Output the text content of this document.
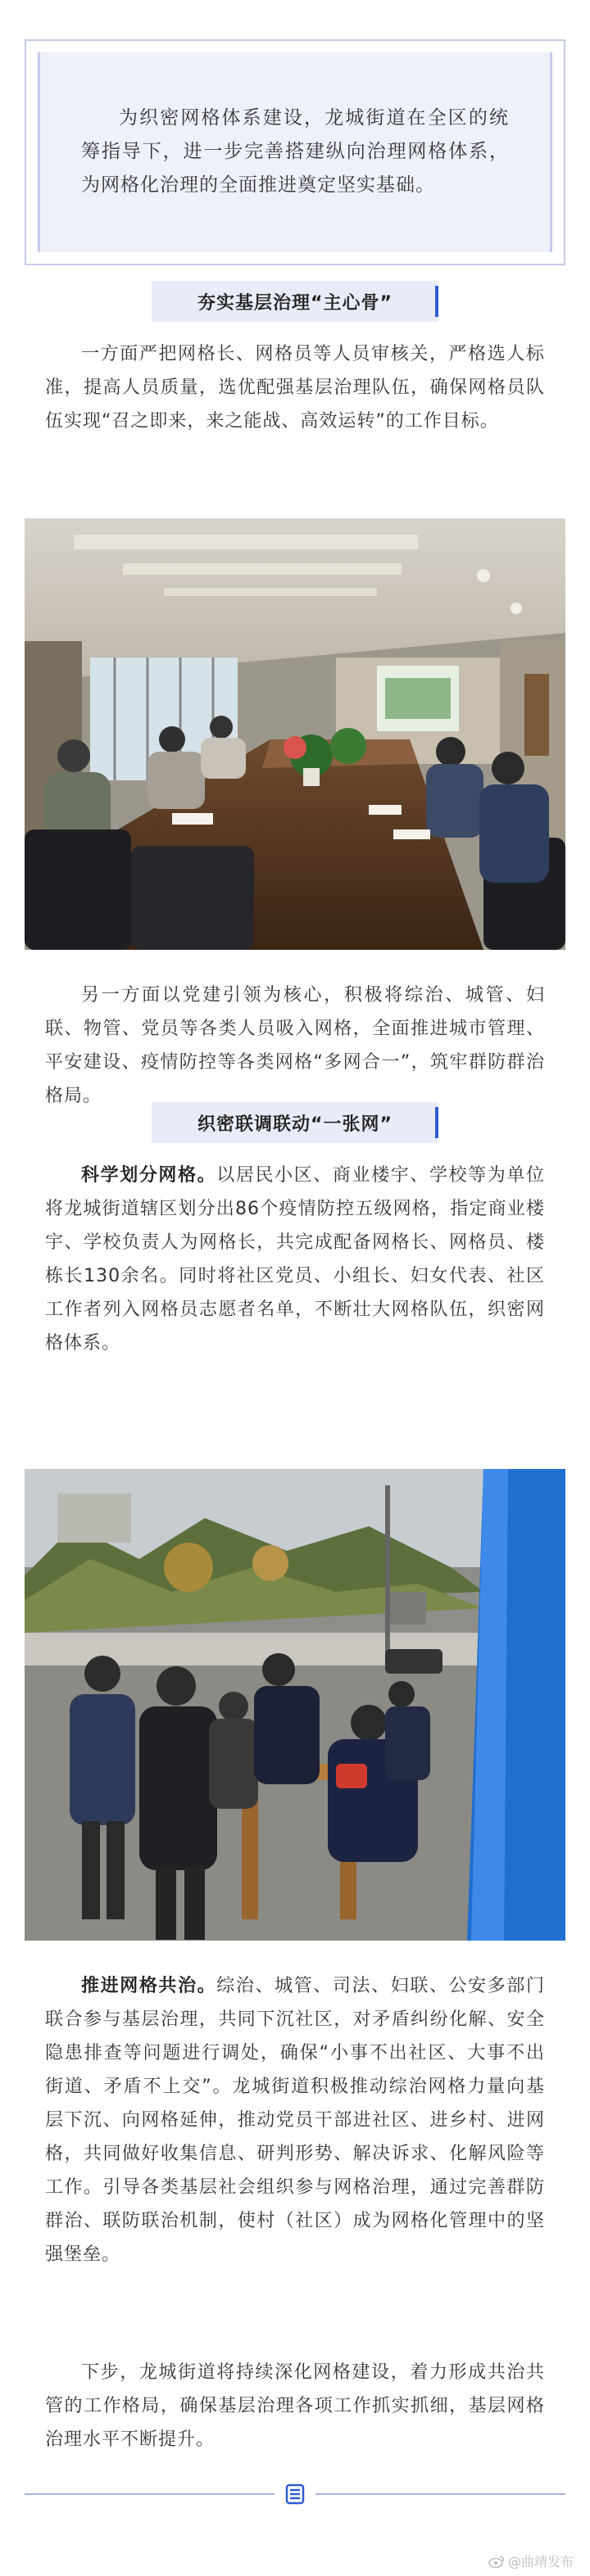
为织密网格体系建设，龙城街道在全区的统筹指导下，进一步完善搭建纵向治理网格体系，为网格化治理的全面推进奠定坚实基础。

夯实基层治理“主心骨”

一方面严把网格长、网格员等人员审核关，严格选人标准，提高人员质量，选优配强基层治理队伍，确保网格员队伍实现“召之即来，来之能战、高效运转”的工作目标。

另一方面以党建引领为核心，积极将综治、城管、妇联、物管、党员等各类人员吸入网格，全面推进城市管理、平安建设、疫情防控等各类网格“多网合一”，筑牢群防群治格局。

织密联调联动“一张网”

科学划分网格。以居民小区、商业楼宇、学校等为单位将龙城街道辖区划分出86个疫情防控五级网格，指定商业楼宇、学校负责人为网格长，共完成配备网格长、网格员、楼栋长130余名。同时将社区党员、小组长、妇女代表、社区工作者列入网格员志愿者名单，不断壮大网格队伍，织密网格体系。

推进网格共治。综治、城管、司法、妇联、公安多部门联合参与基层治理，共同下沉社区，对矛盾纠纷化解、安全隐患排查等问题进行调处，确保“小事不出社区、大事不出街道、矛盾不上交”。龙城街道积极推动综治网格力量向基层下沉、向网格延伸，推动党员干部进社区、进乡村、进网格，共同做好收集信息、研判形势、解决诉求、化解风险等工作。引导各类基层社会组织参与网格治理，通过完善群防群治、联防联治机制，使村（社区）成为网格化管理中的坚强堡垒。

下步，龙城街道将持续深化网格建设，着力形成共治共管的工作格局，确保基层治理各项工作抓实抓细，基层网格治理水平不断提升。

@曲靖发布
